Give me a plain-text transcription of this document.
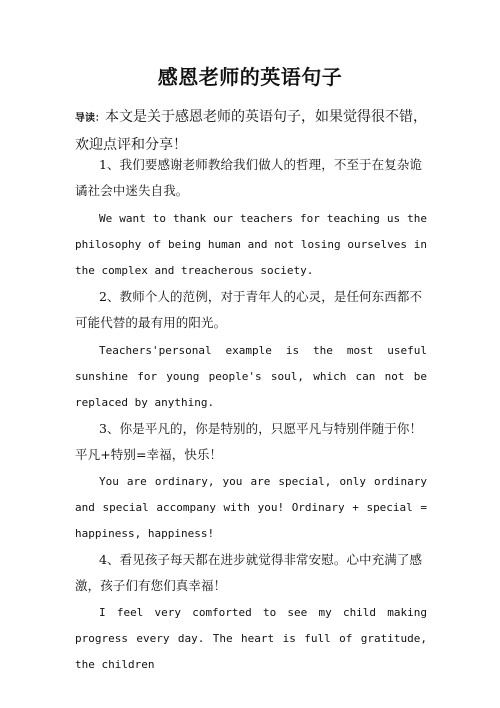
感恩老师的英语句子
导读：本文是关于感恩老师的英语句子，如果觉得很不错，欢迎点评和分享！
1、我们要感谢老师教给我们做人的哲理，不至于在复杂诡谲社会中迷失自我。
We want to thank our teachers for teaching us the philosophy of being human and not losing ourselves in the complex and treacherous society.
2、教师个人的范例，对于青年人的心灵，是任何东西都不可能代替的最有用的阳光。
Teachers'personal example is the most useful sunshine for young people's soul, which can not be replaced by anything.
3、你是平凡的，你是特别的，只愿平凡与特别伴随于你！平凡+特别=幸福，快乐！
You are ordinary, you are special, only ordinary and special accompany with you! Ordinary + special = happiness, happiness!
4、看见孩子每天都在进步就觉得非常安慰。心中充满了感激，孩子们有您们真幸福！
I feel very comforted to see my child making progress every day. The heart is full of gratitude, the children
